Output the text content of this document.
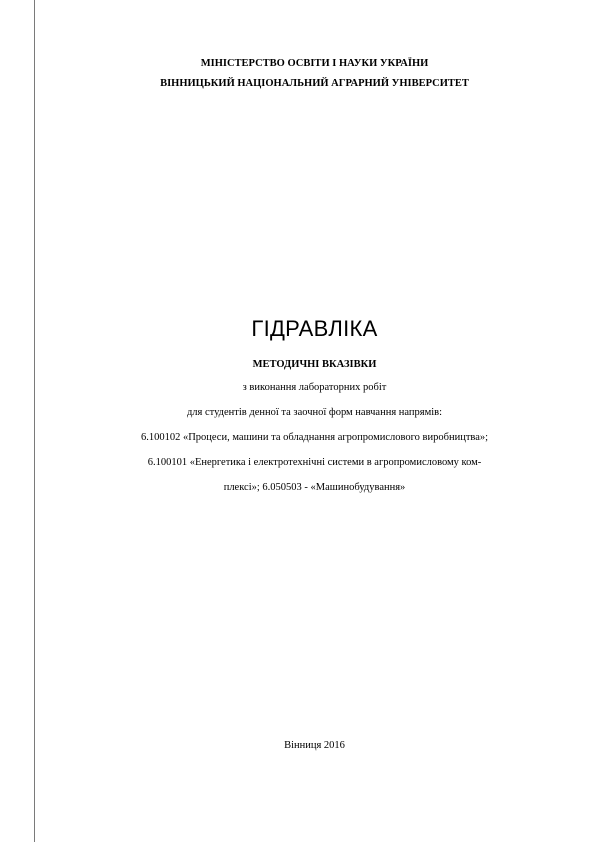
МІНІСТЕРСТВО ОСВІТИ І НАУКИ УКРАЇНИ
ВІННИЦЬКИЙ НАЦІОНАЛЬНИЙ АГРАРНИЙ УНІВЕРСИТЕТ
ГІДРАВЛІКА
МЕТОДИЧНІ ВКАЗІВКИ
з виконання лабораторних робіт
для студентів денної та заочної форм навчання напрямів:
6.100102 «Процеси, машини та обладнання агропромислового виробництва»;
6.100101 «Енергетика і електротехнічні системи в агропромисловому ком-
плексі»; 6.050503 - «Машинобудування»
Вінниця 2016
